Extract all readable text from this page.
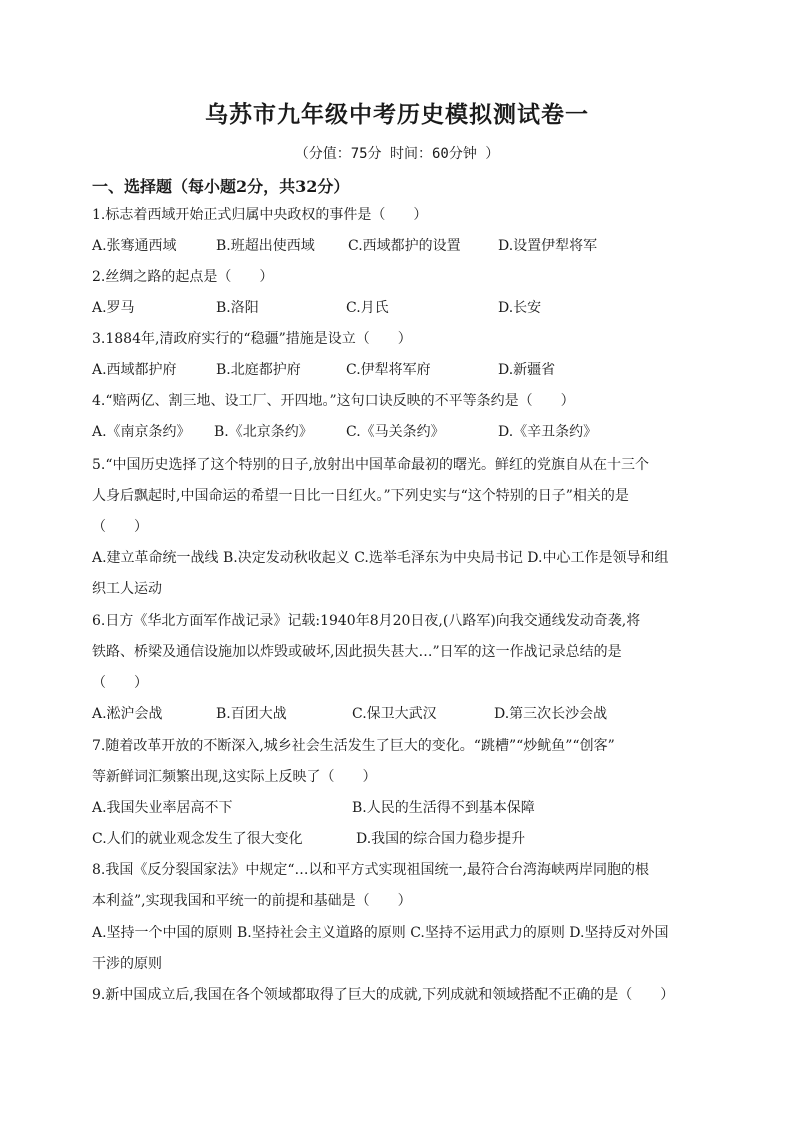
乌苏市九年级中考历史模拟测试卷一
（分值：75分 时间：60分钟 ）
一、选择题（每小题2分，共32分）
1.标志着西域开始正式归属中央政权的事件是（　　）
A.张骞通西域	B.班超出使西域 C.西域都护的设置	D.设置伊犁将军
2.丝绸之路的起点是（　　）
A.罗马	B.洛阳	C.月氏	D.长安
3.1884年,清政府实行的“稳疆”措施是设立（　　）
A.西域都护府	B.北庭都护府	C.伊犁将军府	D.新疆省
4.“赔两亿、割三地、设工厂、开四地。”这句口诀反映的不平等条约是（　　）
A.《南京条约》 B.《北京条约》 C.《马关条约》	D.《辛丑条约》
5.“中国历史选择了这个特别的日子,放射出中国革命最初的曙光。鲜红的党旗自从在十三个
人身后飘起时,中国命运的希望一日比一日红火。”下列史实与“这个特别的日子”相关的是
（　　）
A.建立革命统一战线 B.决定发动秋收起义 C.选举毛泽东为中央局书记 D.中心工作是领导和组
织工人运动
6.日方《华北方面军作战记录》记载:1940年8月20日夜,(八路军)向我交通线发动奇袭,将
铁路、桥梁及通信设施加以炸毁或破坏,因此损失甚大…”日军的这一作战记录总结的是
（　　）
A.淞沪会战	B.百团大战	C.保卫大武汉	D.第三次长沙会战
7.随着改革开放的不断深入,城乡社会生活发生了巨大的变化。“跳槽”“炒鱿鱼”“创客”
等新鲜词汇频繁出现,这实际上反映了（　　）
A.我国失业率居高不下	B.人民的生活得不到基本保障
C.人们的就业观念发生了很大变化	D.我国的综合国力稳步提升
8.我国《反分裂国家法》中规定“…以和平方式实现祖国统一,最符合台湾海峡两岸同胞的根
本利益”,实现我国和平统一的前提和基础是（　　）
A.坚持一个中国的原则 B.坚持社会主义道路的原则 C.坚持不运用武力的原则 D.坚持反对外国
干涉的原则
9.新中国成立后,我国在各个领域都取得了巨大的成就,下列成就和领域搭配不正确的是（　　）
